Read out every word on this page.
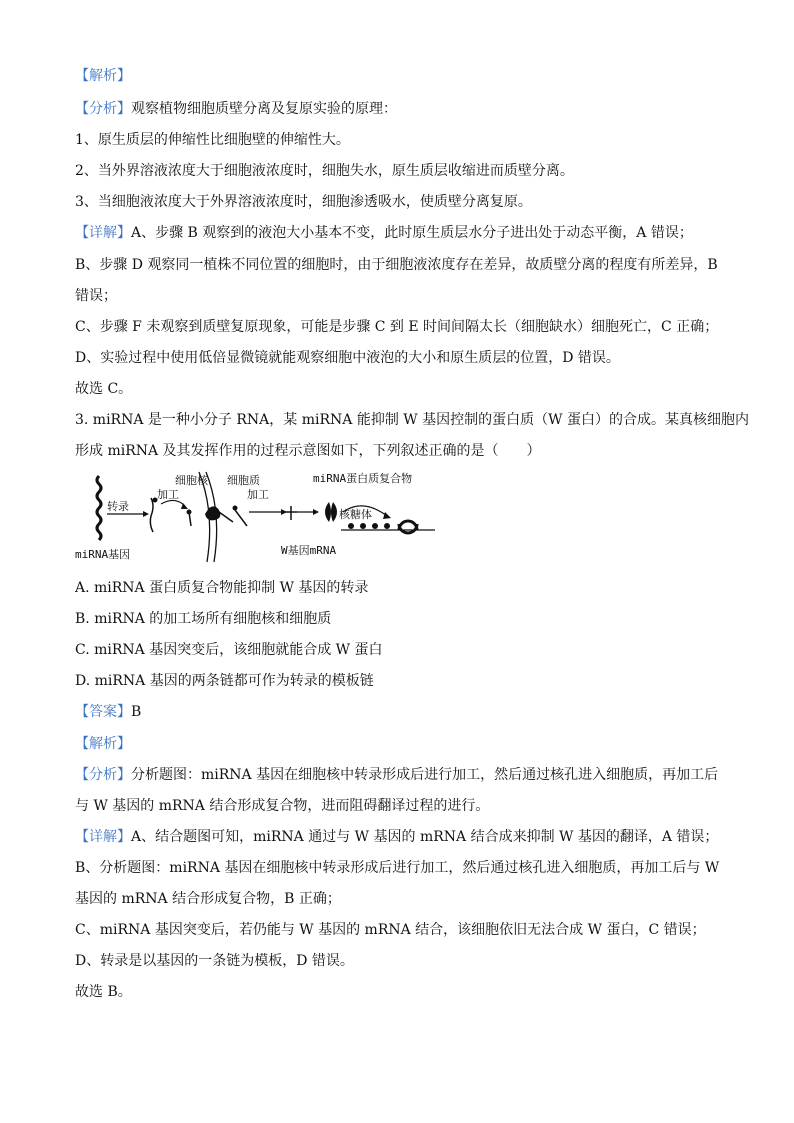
【解析】
【分析】观察植物细胞质壁分离及复原实验的原理：
1、原生质层的伸缩性比细胞壁的伸缩性大。
2、当外界溶液浓度大于细胞液浓度时，细胞失水，原生质层收缩进而质壁分离。
3、当细胞液浓度大于外界溶液浓度时，细胞渗透吸水，使质壁分离复原。
【详解】A、步骤 B 观察到的液泡大小基本不变，此时原生质层水分子进出处于动态平衡，A 错误；
B、步骤 D 观察同一植株不同位置的细胞时，由于细胞液浓度存在差异，故质壁分离的程度有所差异，B
错误；
C、步骤 F 未观察到质壁复原现象，可能是步骤 C 到 E 时间间隔太长（细胞缺水）细胞死亡，C 正确；
D、实验过程中使用低倍显微镜就能观察细胞中液泡的大小和原生质层的位置，D 错误。
故选 C。
3. miRNA 是一种小分子 RNA，某 miRNA 能抑制 W 基因控制的蛋白质（W 蛋白）的合成。某真核细胞内
形成 miRNA 及其发挥作用的过程示意图如下，下列叙述正确的是（　　）
miRNA基因
转录
加工
细胞核 细胞质
加工
miRNA蛋白质复合物
核糖体
W基因mRNA
A. miRNA 蛋白质复合物能抑制 W 基因的转录
B. miRNA 的加工场所有细胞核和细胞质
C. miRNA 基因突变后，该细胞就能合成 W 蛋白
D. miRNA 基因的两条链都可作为转录的模板链
【答案】B
【解析】
【分析】分析题图：miRNA 基因在细胞核中转录形成后进行加工，然后通过核孔进入细胞质，再加工后
与 W 基因的 mRNA 结合形成复合物，进而阻碍翻译过程的进行。
【详解】A、结合题图可知，miRNA 通过与 W 基因的 mRNA 结合成来抑制 W 基因的翻译，A 错误；
B、分析题图：miRNA 基因在细胞核中转录形成后进行加工，然后通过核孔进入细胞质，再加工后与 W
基因的 mRNA 结合形成复合物，B 正确；
C、miRNA 基因突变后，若仍能与 W 基因的 mRNA 结合，该细胞依旧无法合成 W 蛋白，C 错误；
D、转录是以基因的一条链为模板，D 错误。
故选 B。
